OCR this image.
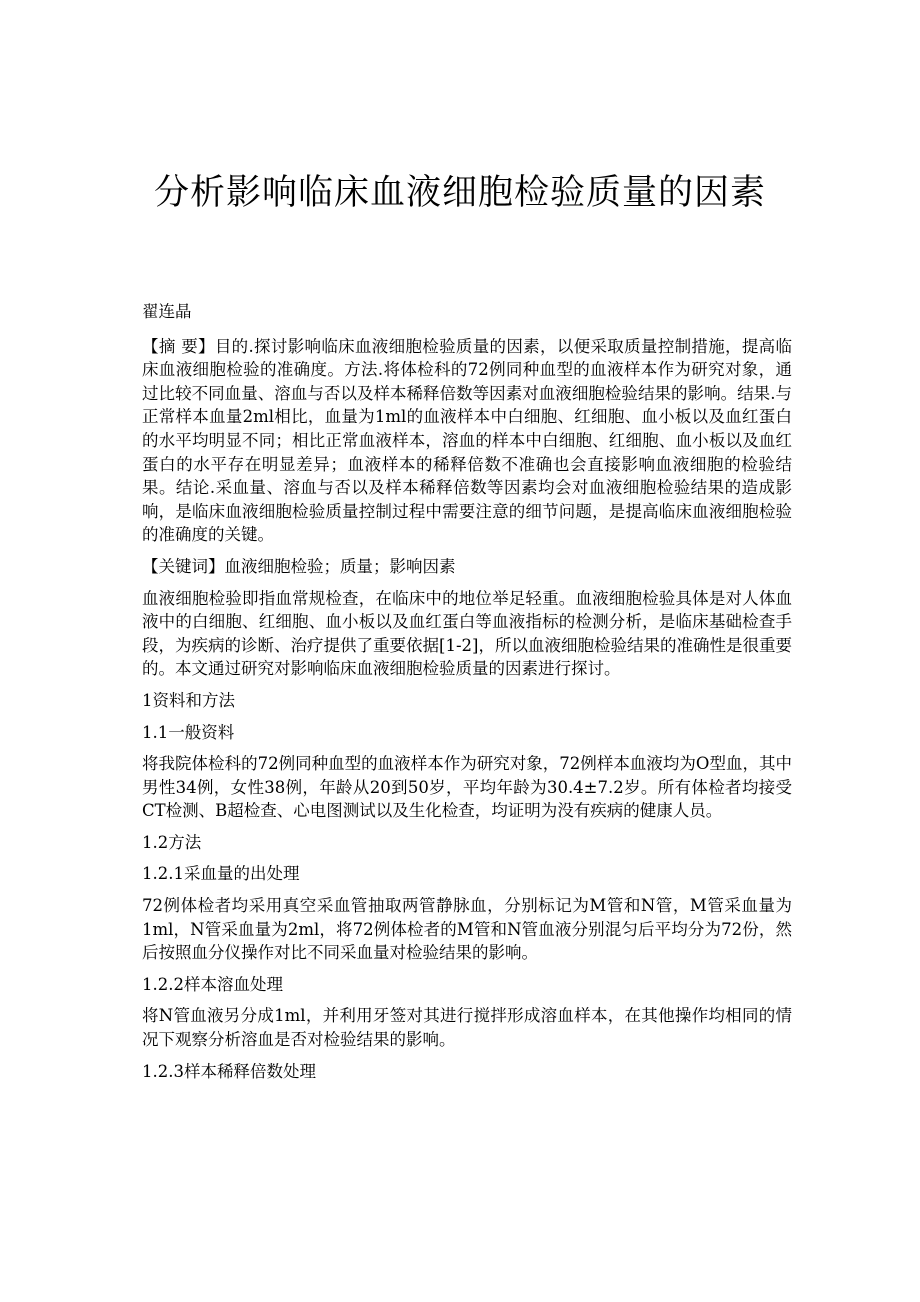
分析影响临床血液细胞检验质量的因素

翟连晶

【摘 要】目的.探讨影响临床血液细胞检验质量的因素，以便采取质量控制措施，提高临床血液细胞检验的准确度。方法.将体检科的72例同种血型的血液样本作为研究对象，通过比较不同血量、溶血与否以及样本稀释倍数等因素对血液细胞检验结果的影响。结果.与正常样本血量2ml相比，血量为1ml的血液样本中白细胞、红细胞、血小板以及血红蛋白的水平均明显不同；相比正常血液样本，溶血的样本中白细胞、红细胞、血小板以及血红蛋白的水平存在明显差异；血液样本的稀释倍数不准确也会直接影响血液细胞的检验结果。结论.采血量、溶血与否以及样本稀释倍数等因素均会对血液细胞检验结果的造成影响，是临床血液细胞检验质量控制过程中需要注意的细节问题，是提高临床血液细胞检验的准确度的关键。

【关键词】血液细胞检验；质量；影响因素

血液细胞检验即指血常规检查，在临床中的地位举足轻重。血液细胞检验具体是对人体血液中的白细胞、红细胞、血小板以及血红蛋白等血液指标的检测分析，是临床基础检查手段，为疾病的诊断、治疗提供了重要依据[1-2]，所以血液细胞检验结果的准确性是很重要的。本文通过研究对影响临床血液细胞检验质量的因素进行探讨。

1资料和方法

1.1一般资料

将我院体检科的72例同种血型的血液样本作为研究对象，72例样本血液均为O型血，其中男性34例，女性38例，年龄从20到50岁，平均年龄为30.4±7.2岁。所有体检者均接受CT检测、B超检查、心电图测试以及生化检查，均证明为没有疾病的健康人员。

1.2方法

1.2.1采血量的出处理

72例体检者均采用真空采血管抽取两管静脉血，分别标记为M管和N管，M管采血量为1ml，N管采血量为2ml，将72例体检者的M管和N管血液分别混匀后平均分为72份，然后按照血分仪操作对比不同采血量对检验结果的影响。

1.2.2样本溶血处理

将N管血液另分成1ml，并利用牙签对其进行搅拌形成溶血样本，在其他操作均相同的情况下观察分析溶血是否对检验结果的影响。

1.2.3样本稀释倍数处理
